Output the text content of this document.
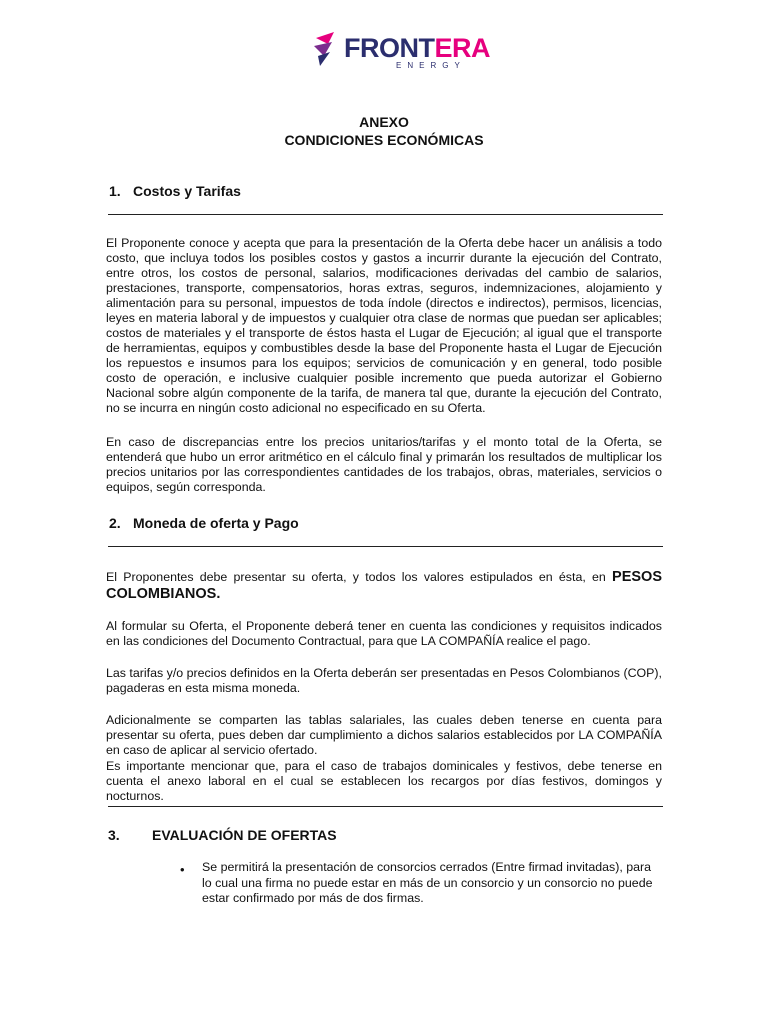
FRONTERA
ENERGY
ANEXO
CONDICIONES ECONÓMICAS
1. Costos y Tarifas

El Proponente conoce y acepta que para la presentación de la Oferta debe hacer un análisis a todo costo, que incluya todos los posibles costos y gastos a incurrir durante la ejecución del Contrato, entre otros, los costos de personal, salarios, modificaciones derivadas del cambio de salarios, prestaciones, transporte, compensatorios, horas extras, seguros, indemnizaciones, alojamiento y alimentación para su personal, impuestos de toda índole (directos e indirectos), permisos, licencias, leyes en materia laboral y de impuestos y cualquier otra clase de normas que puedan ser aplicables; costos de materiales y el transporte de éstos hasta el Lugar de Ejecución; al igual que el transporte de herramientas, equipos y combustibles desde la base del Proponente hasta el Lugar de Ejecución los repuestos e insumos para los equipos; servicios de comunicación y en general, todo posible costo de operación, e inclusive cualquier posible incremento que pueda autorizar el Gobierno Nacional sobre algún componente de la tarifa, de manera tal que, durante la ejecución del Contrato, no se incurra en ningún costo adicional no especificado en su Oferta.

En caso de discrepancias entre los precios unitarios/tarifas y el monto total de la Oferta, se entenderá que hubo un error aritmético en el cálculo final y primarán los resultados de multiplicar los precios unitarios por las correspondientes cantidades de los trabajos, obras, materiales, servicios o equipos, según corresponda.

2. Moneda de oferta y Pago

El Proponentes debe presentar su oferta, y todos los valores estipulados en ésta, en PESOS COLOMBIANOS.

Al formular su Oferta, el Proponente deberá tener en cuenta las condiciones y requisitos indicados en las condiciones del Documento Contractual, para que LA COMPAÑÍA realice el pago.

Las tarifas y/o precios definidos en la Oferta deberán ser presentadas en Pesos Colombianos (COP), pagaderas en esta misma moneda.

Adicionalmente se comparten las tablas salariales, las cuales deben tenerse en cuenta para presentar su oferta, pues deben dar cumplimiento a dichos salarios establecidos por LA COMPAÑÍA en caso de aplicar al servicio ofertado.

Es importante mencionar que, para el caso de trabajos dominicales y festivos, debe tenerse en cuenta el anexo laboral en el cual se establecen los recargos por días festivos, domingos y nocturnos.

3. EVALUACIÓN DE OFERTAS
• Se permitirá la presentación de consorcios cerrados (Entre firmad invitadas), para lo cual una firma no puede estar en más de un consorcio y un consorcio no puede estar confirmado por más de dos firmas.
